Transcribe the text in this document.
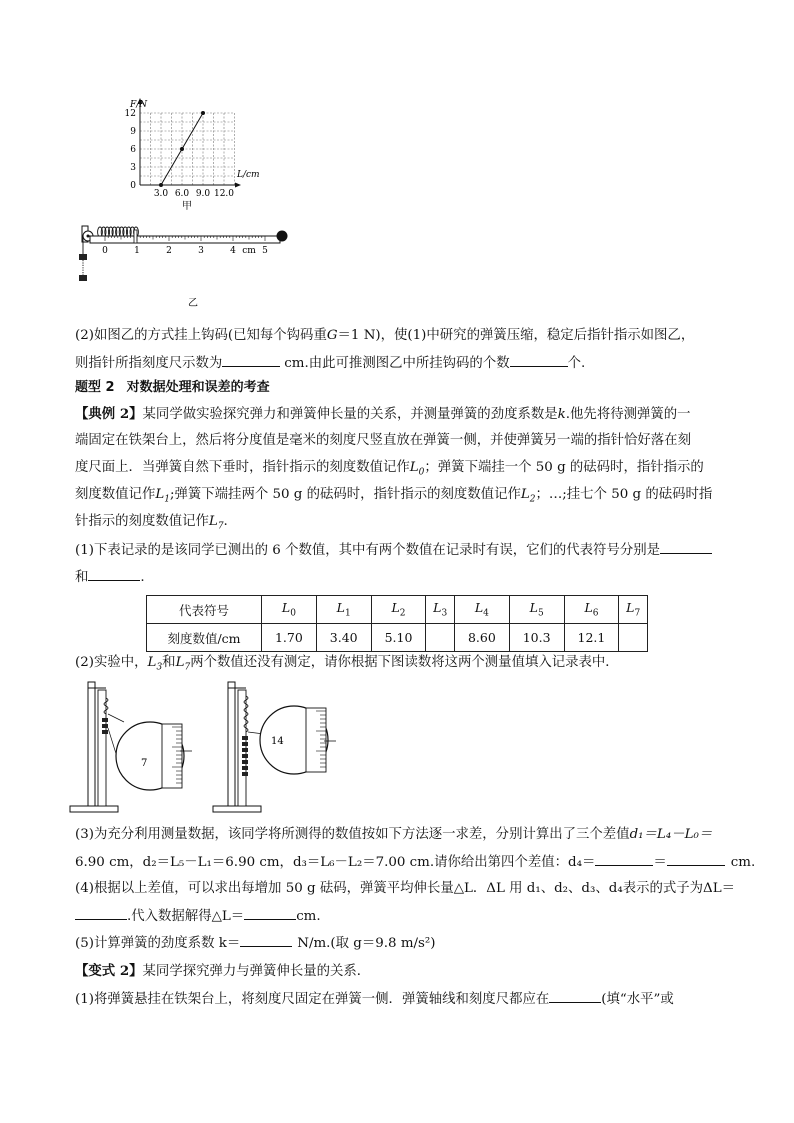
F/N
L/cm
12
9
6
3
0
3.0 6.0 9.0 12.0
甲
0	1	2	3	4 cm 5
乙
(2)如图乙的方式挂上钩码(已知每个钩码重G＝1 N)，使(1)中研究的弹簧压缩，稳定后指针指示如图乙，
则指针所指刻度尺示数为	cm.由此可推测图乙中所挂钩码的个数	个.
题型 2 对数据处理和误差的考查
【典例 2】某同学做实验探究弹力和弹簧伸长量的关系，并测量弹簧的劲度系数是k.他先将待测弹簧的一
端固定在铁架台上，然后将分度值是毫米的刻度尺竖直放在弹簧一侧，并使弹簧另一端的指针恰好落在刻
度尺面上．当弹簧自然下垂时，指针指示的刻度数值记作$L_0$；弹簧下端挂一个 50 g 的砝码时，指针指示的
刻度数值记作$L_1$;弹簧下端挂两个 50 g 的砝码时，指针指示的刻度数值记作$L_2$；…;挂七个 50 g 的砝码时指
针指示的刻度数值记作$L_7$.
(1)下表记录的是该同学已测出的 6 个数值，其中有两个数值在记录时有误，它们的代表符号分别是
和	.
代表符号	$L_0$	$L_1$	$L_2$	$L_3$	$L_4$	$L_5$	$L_6$	$L_7$
刻度数值/cm	1.70	3.40	5.10		8.60	10.3	12.1	
(2)实验中，$L_3$和$L_7$两个数值还没有测定，请你根据下图读数将这两个测量值填入记录表中．
7
14
(3)为充分利用测量数据，该同学将所测得的数值按如下方法逐一求差，分别计算出了三个差值d₁＝L₄－L₀＝
6.90 cm，d₂＝L₅－L₁＝6.90 cm，d₃＝L₆－L₂＝7.00 cm.请你给出第四个差值：d₄＝	＝	cm.
(4)根据以上差值，可以求出每增加 50 g 砝码，弹簧平均伸长量△L．ΔL 用 d₁、d₂、d₃、d₄表示的式子为ΔL＝
.代入数据解得△L＝	cm.
(5)计算弹簧的劲度系数 k＝	N/m.(取 g＝9.8 m/s²)
【变式 2】某同学探究弹力与弹簧伸长量的关系．
(1)将弹簧悬挂在铁架台上，将刻度尺固定在弹簧一侧．弹簧轴线和刻度尺都应在	(填“水平”或
